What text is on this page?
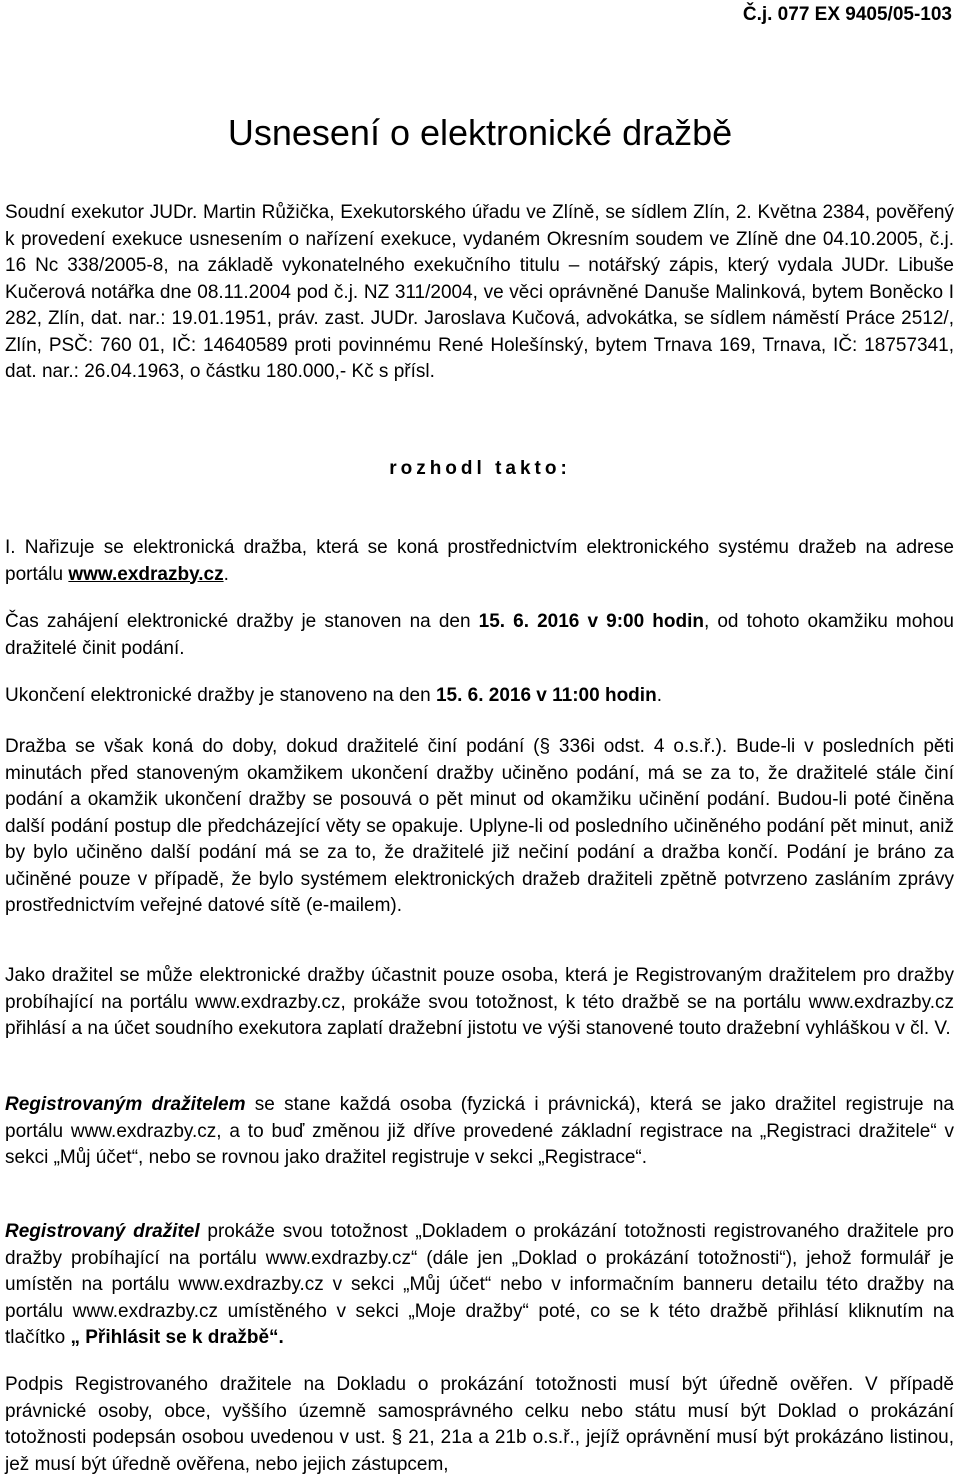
Č.j. 077 EX 9405/05-103
Usnesení o elektronické dražbě

Soudní exekutor JUDr. Martin Růžička, Exekutorského úřadu ve Zlíně, se sídlem Zlín, 2. Května 2384, pověřený k provedení exekuce usnesením o nařízení exekuce, vydaném Okresním soudem ve Zlíně dne 04.10.2005, č.j. 16 Nc 338/2005-8, na základě vykonatelného exekučního titulu – notářský zápis, který vydala JUDr. Libuše Kučerová notářka dne 08.11.2004 pod č.j. NZ 311/2004, ve věci oprávněné Danuše Malinková, bytem Boněcko I 282, Zlín, dat. nar.: 19.01.1951, práv. zast. JUDr. Jaroslava Kučová, advokátka, se sídlem náměstí Práce 2512/, Zlín, PSČ: 760 01, IČ: 14640589 proti povinnému René Holešínský, bytem Trnava 169, Trnava, IČ: 18757341, dat. nar.: 26.04.1963, o částku 180.000,- Kč s přísl.

rozhodl takto:

I. Nařizuje se elektronická dražba, která se koná prostřednictvím elektronického systému dražeb na adrese portálu www.exdrazby.cz.

Čas zahájení elektronické dražby je stanoven na den 15. 6. 2016 v 9:00 hodin, od tohoto okamžiku mohou dražitelé činit podání.

Ukončení elektronické dražby je stanoveno na den 15. 6. 2016 v 11:00 hodin.

Dražba se však koná do doby, dokud dražitelé činí podání (§ 336i odst. 4 o.s.ř.). Bude-li v posledních pěti minutách před stanoveným okamžikem ukončení dražby učiněno podání, má se za to, že dražitelé stále činí podání a okamžik ukončení dražby se posouvá o pět minut od okamžiku učinění podání. Budou-li poté činěna další podání postup dle předcházející věty se opakuje. Uplyne-li od posledního učiněného podání pět minut, aniž by bylo učiněno další podání má se za to, že dražitelé již nečiní podání a dražba končí. Podání je bráno za učiněné pouze v případě, že bylo systémem elektronických dražeb dražiteli zpětně potvrzeno zasláním zprávy prostřednictvím veřejné datové sítě (e-mailem).

Jako dražitel se může elektronické dražby účastnit pouze osoba, která je Registrovaným dražitelem pro dražby probíhající na portálu www.exdrazby.cz, prokáže svou totožnost, k této dražbě se na portálu www.exdrazby.cz přihlásí a na účet soudního exekutora zaplatí dražební jistotu ve výši stanovené touto dražební vyhláškou v čl. V.

Registrovaným dražitelem se stane každá osoba (fyzická i právnická), která se jako dražitel registruje na portálu www.exdrazby.cz, a to buď změnou již dříve provedené základní registrace na „Registraci dražitele“ v sekci „Můj účet“, nebo se rovnou jako dražitel registruje v sekci „Registrace“.

Registrovaný dražitel prokáže svou totožnost „Dokladem o prokázání totožnosti registrovaného dražitele pro dražby probíhající na portálu www.exdrazby.cz“ (dále jen „Doklad o prokázání totožnosti“), jehož formulář je umístěn na portálu www.exdrazby.cz v sekci „Můj účet“ nebo v informačním banneru detailu této dražby na portálu www.exdrazby.cz umístěného v sekci „Moje dražby“ poté, co se k této dražbě přihlásí kliknutím na tlačítko „ Přihlásit se k dražbě“.

Podpis Registrovaného dražitele na Dokladu o prokázání totožnosti musí být úředně ověřen. V případě právnické osoby, obce, vyššího územně samosprávného celku nebo státu musí být Doklad o prokázání totožnosti podepsán osobou uvedenou v ust. § 21, 21a a 21b o.s.ř., jejíž oprávnění musí být prokázáno listinou, jež musí být úředně ověřena, nebo jejich zástupcem,
